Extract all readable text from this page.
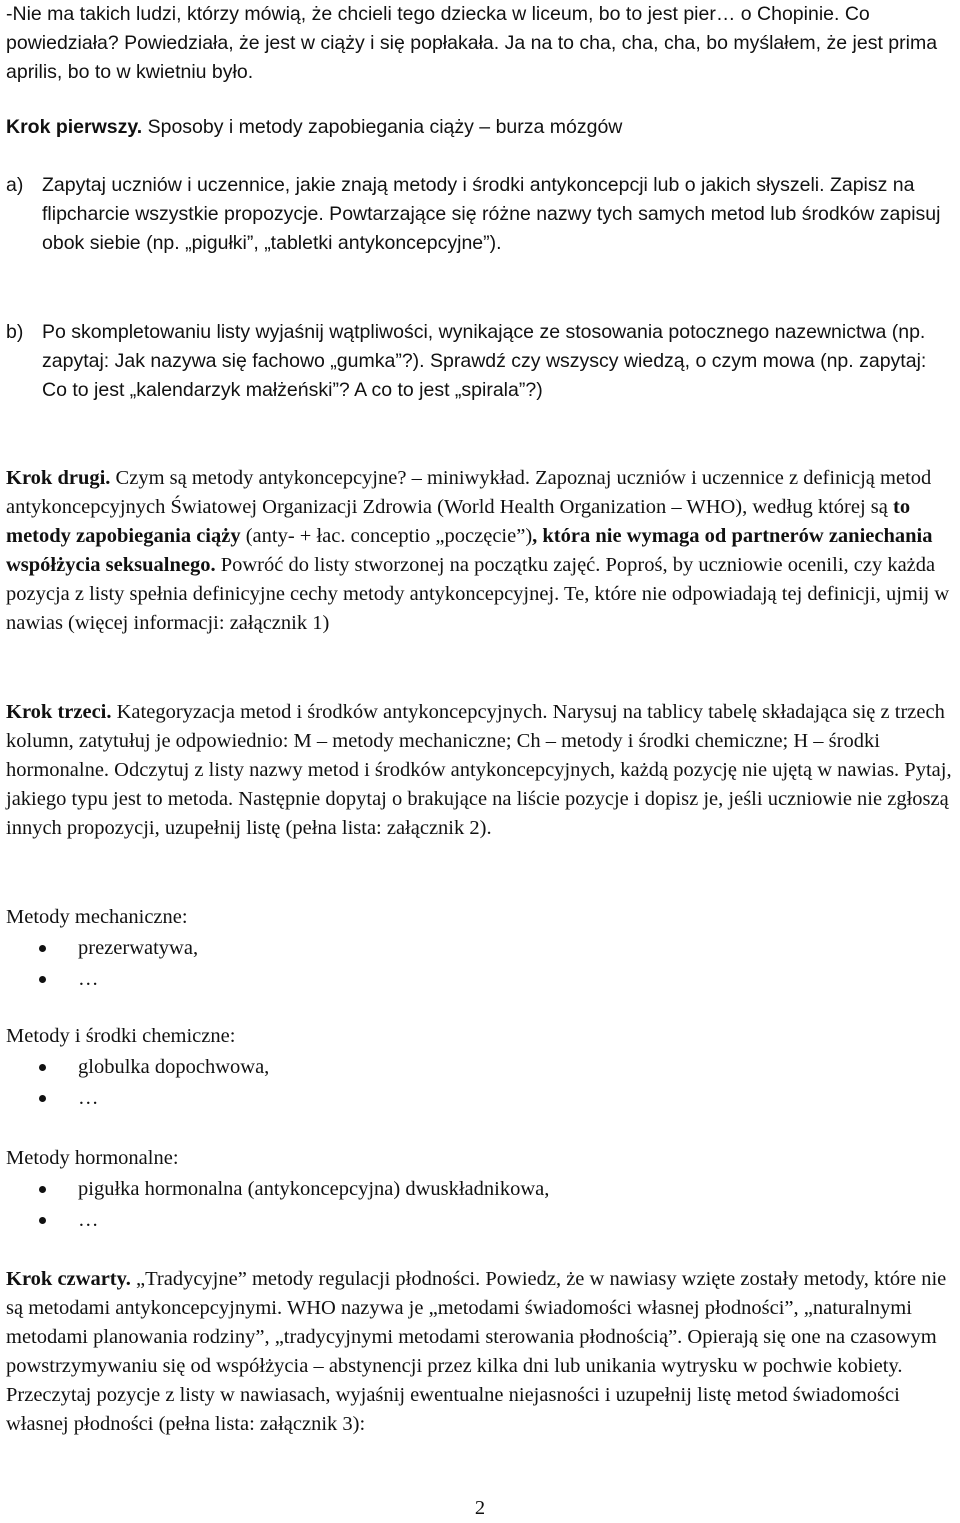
-Nie ma takich ludzi, którzy mówią, że chcieli tego dziecka w liceum, bo to jest pier… o Chopinie. Co powiedziała? Powiedziała, że jest w ciąży i się popłakała. Ja na to cha, cha, cha, bo myślałem, że jest prima aprilis, bo to w kwietniu było.

Krok pierwszy. Sposoby i metody zapobiegania ciąży – burza mózgów

a) Zapytaj uczniów i uczennice, jakie znają metody i środki antykoncepcji lub o jakich słyszeli. Zapisz na flipcharcie wszystkie propozycje. Powtarzające się różne nazwy tych samych metod lub środków zapisuj obok siebie (np. „pigułki”, „tabletki antykoncepcyjne”).

b) Po skompletowaniu listy wyjaśnij wątpliwości, wynikające ze stosowania potocznego nazewnictwa (np. zapytaj: Jak nazywa się fachowo „gumka”?). Sprawdź czy wszyscy wiedzą, o czym mowa (np. zapytaj: Co to jest „kalendarzyk małżeński”? A co to jest „spirala”?)

Krok drugi. Czym są metody antykoncepcyjne? – miniwykład. Zapoznaj uczniów i uczennice z definicją metod antykoncepcyjnych Światowej Organizacji Zdrowia (World Health Organization – WHO), według której są to metody zapobiegania ciąży (anty- + łac. conceptio „poczęcie”), która nie wymaga od partnerów zaniechania współżycia seksualnego. Powróć do listy stworzonej na początku zajęć. Poproś, by uczniowie ocenili, czy każda pozycja z listy spełnia definicyjne cechy metody antykoncepcyjnej. Te, które nie odpowiadają tej definicji, ujmij w nawias (więcej informacji: załącznik 1)

Krok trzeci. Kategoryzacja metod i środków antykoncepcyjnych. Narysuj na tablicy tabelę składająca się z trzech kolumn, zatytułuj je odpowiednio: M – metody mechaniczne; Ch – metody i środki chemiczne; H – środki hormonalne. Odczytuj z listy nazwy metod i środków antykoncepcyjnych, każdą pozycję nie ujętą w nawias. Pytaj, jakiego typu jest to metoda. Następnie dopytaj o brakujące na liście pozycje i dopisz je, jeśli uczniowie nie zgłoszą innych propozycji, uzupełnij listę (pełna lista: załącznik 2).

Metody mechaniczne:

prezerwatywa,
…

Metody i środki chemiczne:

globulka dopochwowa,
…

Metody hormonalne:

pigułka hormonalna (antykoncepcyjna) dwuskładnikowa,
…

Krok czwarty. „Tradycyjne” metody regulacji płodności. Powiedz, że w nawiasy wzięte zostały metody, które nie są metodami antykoncepcyjnymi. WHO nazywa je „metodami świadomości własnej płodności”, „naturalnymi metodami planowania rodziny”, „tradycyjnymi metodami sterowania płodnością”. Opierają się one na czasowym powstrzymywaniu się od współżycia – abstynencji przez kilka dni lub unikania wytrysku w pochwie kobiety. Przeczytaj pozycje z listy w nawiasach, wyjaśnij ewentualne niejasności i uzupełnij listę metod świadomości własnej płodności (pełna lista: załącznik 3):

2
